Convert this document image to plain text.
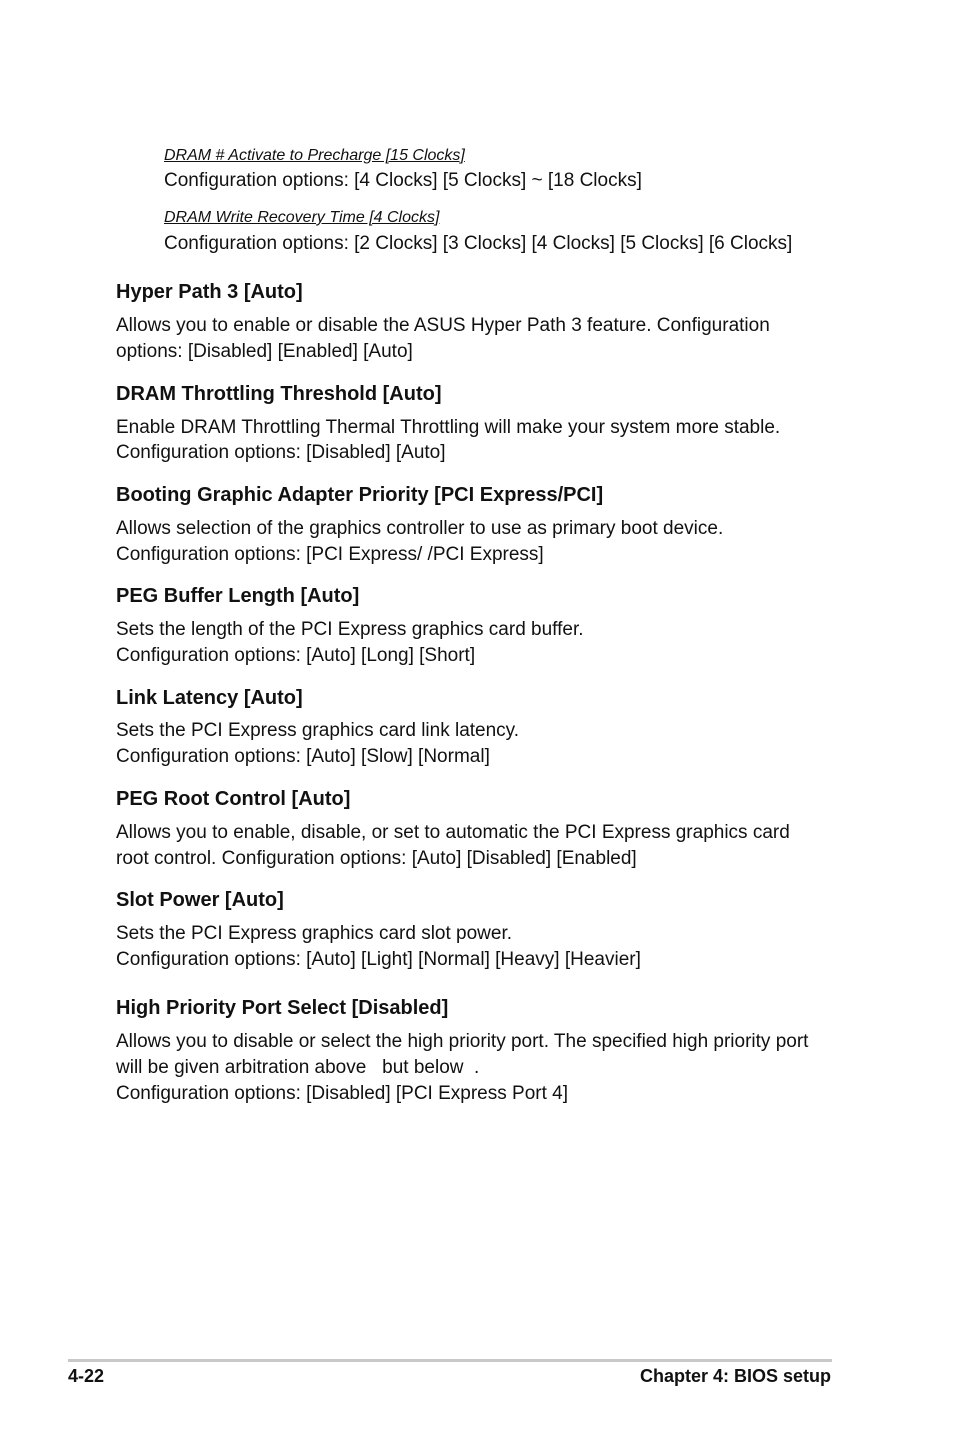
DRAM # Activate to Precharge [15 Clocks]

Configuration options: [4 Clocks] [5 Clocks] ~ [18 Clocks]

DRAM Write Recovery Time [4 Clocks]

Configuration options: [2 Clocks] [3 Clocks] [4 Clocks] [5 Clocks] [6 Clocks]

Hyper Path 3 [Auto]

Allows you to enable or disable the ASUS Hyper Path 3 feature. Configuration

options: [Disabled] [Enabled] [Auto]

DRAM Throttling Threshold [Auto]

Enable DRAM Throttling Thermal Throttling will make your system more stable.

Configuration options: [Disabled] [Auto]

Booting Graphic Adapter Priority [PCI Express/PCI]

Allows selection of the graphics controller to use as primary boot device.

Configuration options: [PCI Express/ /PCI Express]

PEG Buffer Length [Auto]

Sets the length of the PCI Express graphics card buffer.

Configuration options: [Auto] [Long] [Short]

Link Latency [Auto]

Sets the PCI Express graphics card link latency.

Configuration options: [Auto] [Slow] [Normal]

PEG Root Control [Auto]

Allows you to enable, disable, or set to automatic the PCI Express graphics card

root control. Configuration options: [Auto] [Disabled] [Enabled]

Slot Power [Auto]

Sets the PCI Express graphics card slot power.

Configuration options: [Auto] [Light] [Normal] [Heavy] [Heavier]

High Priority Port Select [Disabled]

Allows you to disable or select the high priority port. The specified high priority port

will be given arbitration above   but below  .

Configuration options: [Disabled] [PCI Express Port 4]

4-22	Chapter 4: BIOS setup
